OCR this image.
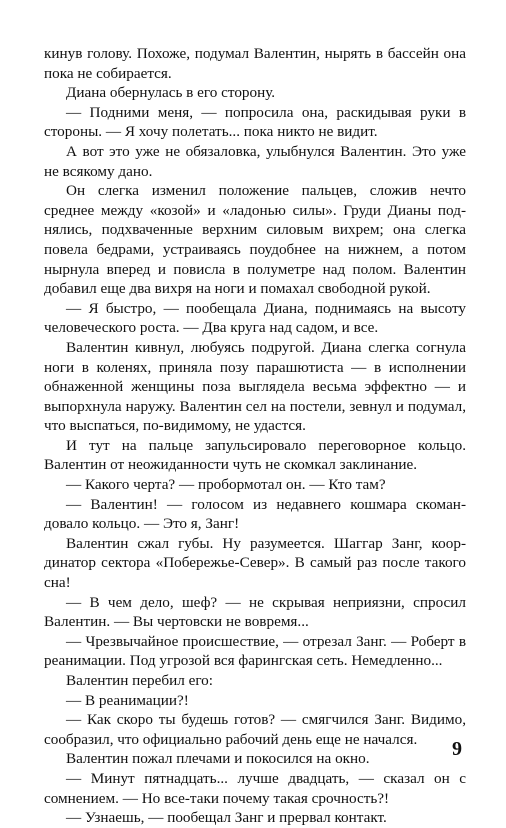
кинув голову. Похоже, подумал Валентин, нырять в бассейн она пока не собирается.

Диана обернулась в его сторону.

— Подними меня, — попросила она, раскидывая руки в стороны. — Я хочу полетать... пока никто не видит.

А вот это уже не обязаловка, улыбнулся Валентин. Это уже не всякому дано.

Он слегка изменил положение пальцев, сложив нечто среднее между «козой» и «ладонью силы». Груди Дианы поднялись, подхваченные верхним силовым вихрем; она слегка повела бедрами, устраиваясь поудобнее на нижнем, а потом нырнула вперед и повисла в полуметре над полом. Валентин добавил еще два вихря на ноги и помахал свободной рукой.

— Я быстро, — пообещала Диана, поднимаясь на высоту человеческого роста. — Два круга над садом, и все.

Валентин кивнул, любуясь подругой. Диана слегка согнула ноги в коленях, приняла позу парашютиста — в исполнении обнаженной женщины поза выглядела весьма эффектно — и выпорхнула наружу. Валентин сел на постели, зевнул и подумал, что выспаться, по-видимому, не удастся.

И тут на пальце запульсировало переговорное кольцо. Валентин от неожиданности чуть не скомкал заклинание.

— Какого черта? — пробормотал он. — Кто там?

— Валентин! — голосом из недавнего кошмара скомандовало кольцо. — Это я, Занг!

Валентин сжал губы. Ну разумеется. Шаггар Занг, координатор сектора «Побережье-Север». В самый раз после такого сна!

— В чем дело, шеф? — не скрывая неприязни, спросил Валентин. — Вы чертовски не вовремя...

— Чрезвычайное происшествие, — отрезал Занг. — Роберт в реанимации. Под угрозой вся фарингская сеть. Немедленно...

Валентин перебил его:

— В реанимации?!

— Как скоро ты будешь готов? — смягчился Занг. Видимо, сообразил, что официально рабочий день еще не начался.

Валентин пожал плечами и покосился на окно.

— Минут пятнадцать... лучше двадцать, — сказал он с сомнением. — Но все-таки почему такая срочность?!

— Узнаешь, — пообещал Занг и прервал контакт.

9
